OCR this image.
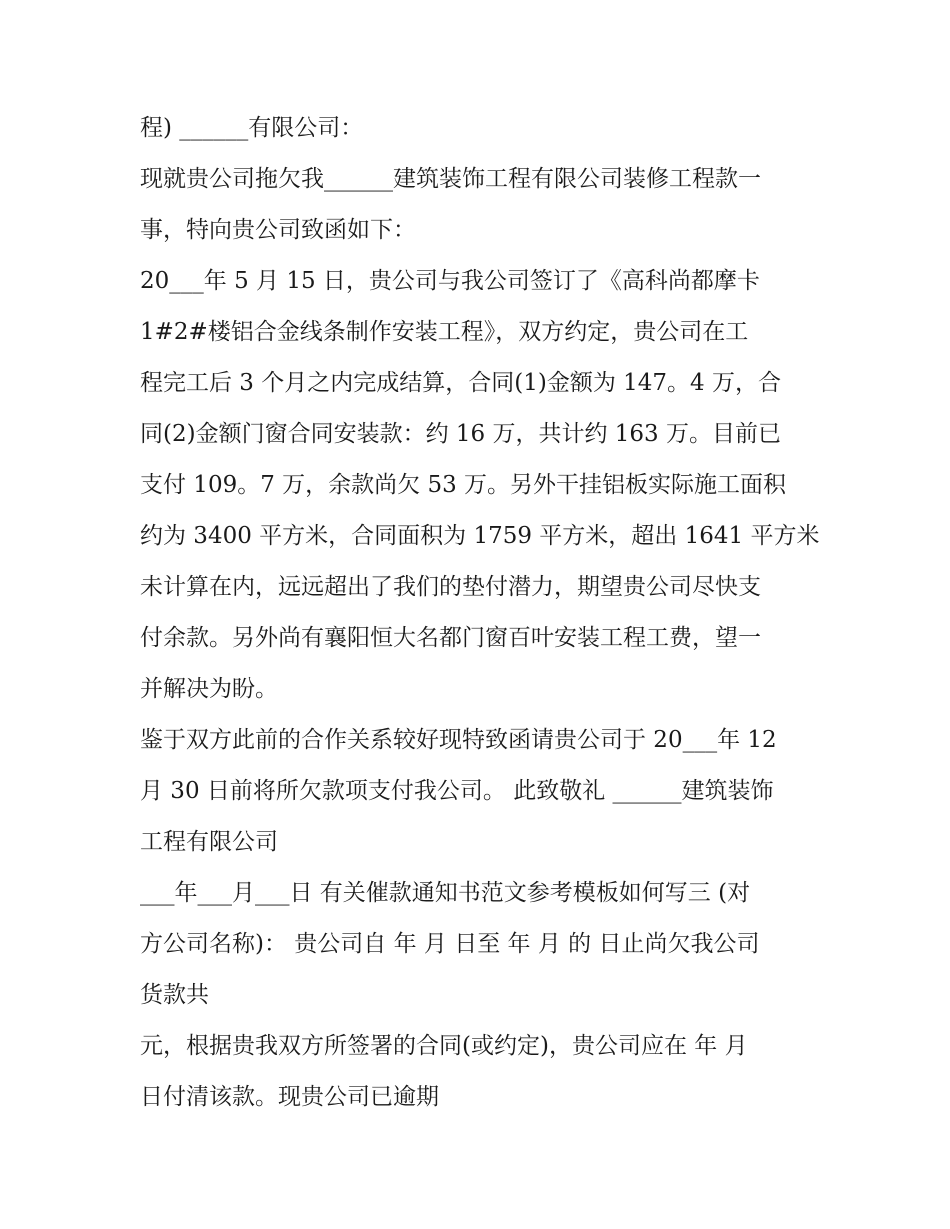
程) ______有限公司：
现就贵公司拖欠我______建筑装饰工程有限公司装修工程款一
事，特向贵公司致函如下：
20___年 5 月 15 日，贵公司与我公司签订了《高科尚都摩卡
1#2#楼铝合金线条制作安装工程》，双方约定，贵公司在工
程完工后 3 个月之内完成结算，合同(1)金额为 147。4 万，合
同(2)金额门窗合同安装款：约 16 万，共计约 163 万。目前已
支付 109。7 万，余款尚欠 53 万。另外干挂铝板实际施工面积
约为 3400 平方米，合同面积为 1759 平方米，超出 1641 平方米
未计算在内，远远超出了我们的垫付潜力，期望贵公司尽快支
付余款。另外尚有襄阳恒大名都门窗百叶安装工程工费，望一
并解决为盼。
鉴于双方此前的合作关系较好现特致函请贵公司于 20___年 12
月 30 日前将所欠款项支付我公司。 此致敬礼 ______建筑装饰
工程有限公司
___年___月___日 有关催款通知书范文参考模板如何写三 (对
方公司名称)： 贵公司自 年 月 日至 年 月 的 日止尚欠我公司
货款共
元，根据贵我双方所签署的合同(或约定)，贵公司应在 年 月
日付清该款。现贵公司已逾期
